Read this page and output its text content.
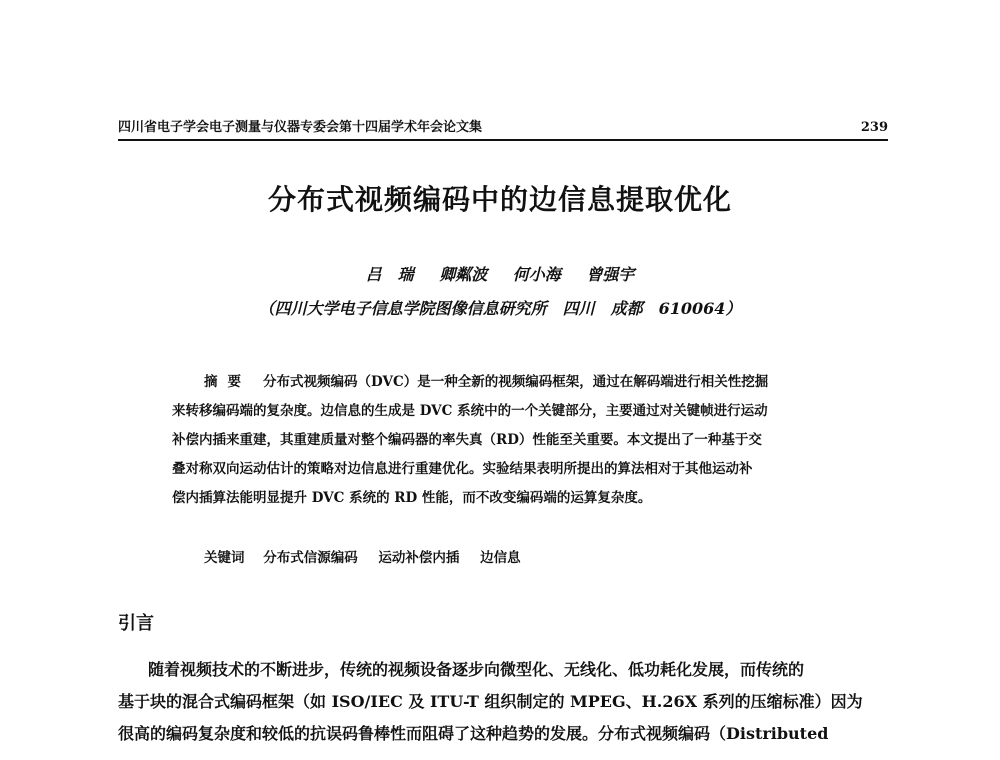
四川省电子学会电子测量与仪器专委会第十四届学术年会论文集	239
分布式视频编码中的边信息提取优化
吕　瑞 卿粼波 何小海 曾强宇
（四川大学电子信息学院图像信息研究所　四川　成都　610064）
摘要 分布式视频编码（DVC）是一种全新的视频编码框架，通过在解码端进行相关性挖掘
来转移编码端的复杂度。边信息的生成是 DVC 系统中的一个关键部分，主要通过对关键帧进行运动
补偿内插来重建，其重建质量对整个编码器的率失真（RD）性能至关重要。本文提出了一种基于交
叠对称双向运动估计的策略对边信息进行重建优化。实验结果表明所提出的算法相对于其他运动补
偿内插算法能明显提升 DVC 系统的 RD 性能，而不改变编码端的运算复杂度。
关键词 分布式信源编码 运动补偿内插 边信息
引言
随着视频技术的不断进步，传统的视频设备逐步向微型化、无线化、低功耗化发展，而传统的
基于块的混合式编码框架（如 ISO/IEC 及 ITU-T 组织制定的 MPEG、H.26X 系列的压缩标准）因为
很高的编码复杂度和较低的抗误码鲁棒性而阻碍了这种趋势的发展。分布式视频编码（Distributed
